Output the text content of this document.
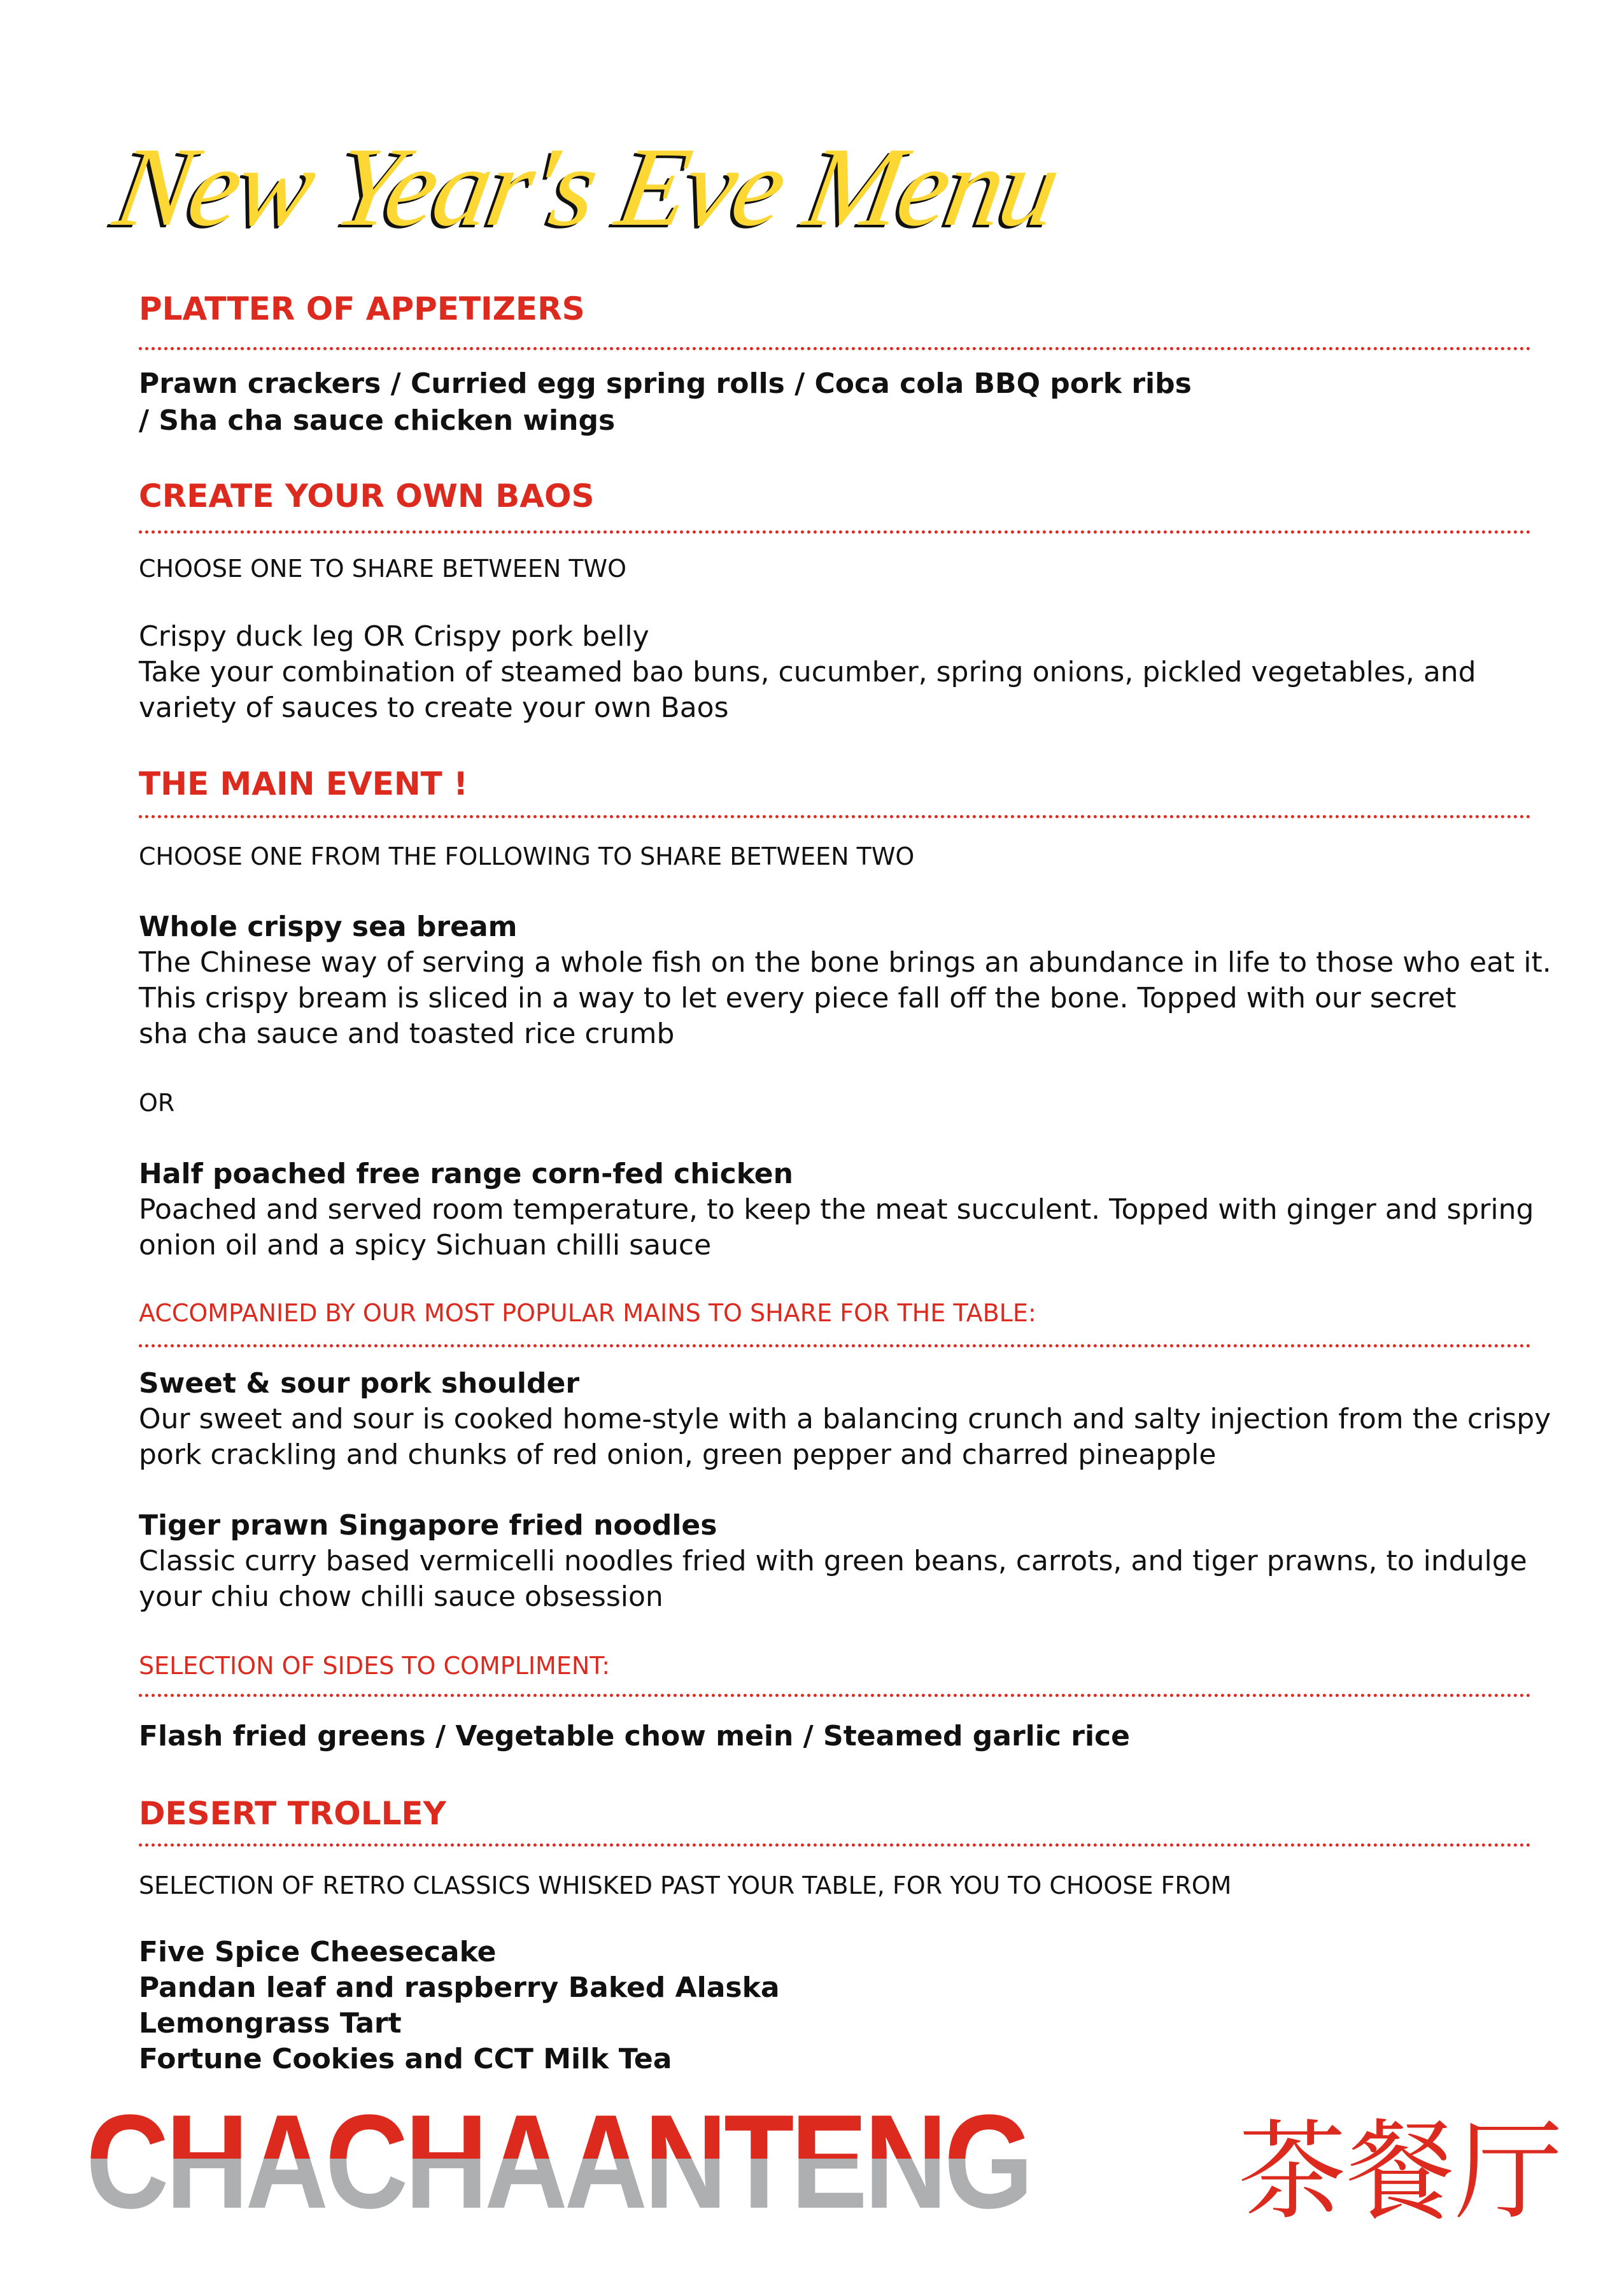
New Year's Eve Menu
PLATTER OF APPETIZERS
Prawn crackers / Curried egg spring rolls / Coca cola BBQ pork ribs
/ Sha cha sauce chicken wings
CREATE YOUR OWN BAOS
CHOOSE ONE TO SHARE BETWEEN TWO
Crispy duck leg OR Crispy pork belly
Take your combination of steamed bao buns, cucumber, spring onions, pickled vegetables, and
variety of sauces to create your own Baos
THE MAIN EVENT !
CHOOSE ONE FROM THE FOLLOWING TO SHARE BETWEEN TWO
Whole crispy sea bream
The Chinese way of serving a whole fish on the bone brings an abundance in life to those who eat it.
This crispy bream is sliced in a way to let every piece fall off the bone. Topped with our secret
sha cha sauce and toasted rice crumb
OR
Half poached free range corn-fed chicken
Poached and served room temperature, to keep the meat succulent. Topped with ginger and spring
onion oil and a spicy Sichuan chilli sauce
ACCOMPANIED BY OUR MOST POPULAR MAINS TO SHARE FOR THE TABLE:
Sweet & sour pork shoulder
Our sweet and sour is cooked home-style with a balancing crunch and salty injection from the crispy
pork crackling and chunks of red onion, green pepper and charred pineapple
Tiger prawn Singapore fried noodles
Classic curry based vermicelli noodles fried with green beans, carrots, and tiger prawns, to indulge
your chiu chow chilli sauce obsession
SELECTION OF SIDES TO COMPLIMENT:
Flash fried greens / Vegetable chow mein / Steamed garlic rice
DESERT TROLLEY
SELECTION OF RETRO CLASSICS WHISKED PAST YOUR TABLE, FOR YOU TO CHOOSE FROM
Five Spice Cheesecake
Pandan leaf and raspberry Baked Alaska
Lemongrass Tart
Fortune Cookies and CCT Milk Tea
CHACHAANTENG	茶餐厅
